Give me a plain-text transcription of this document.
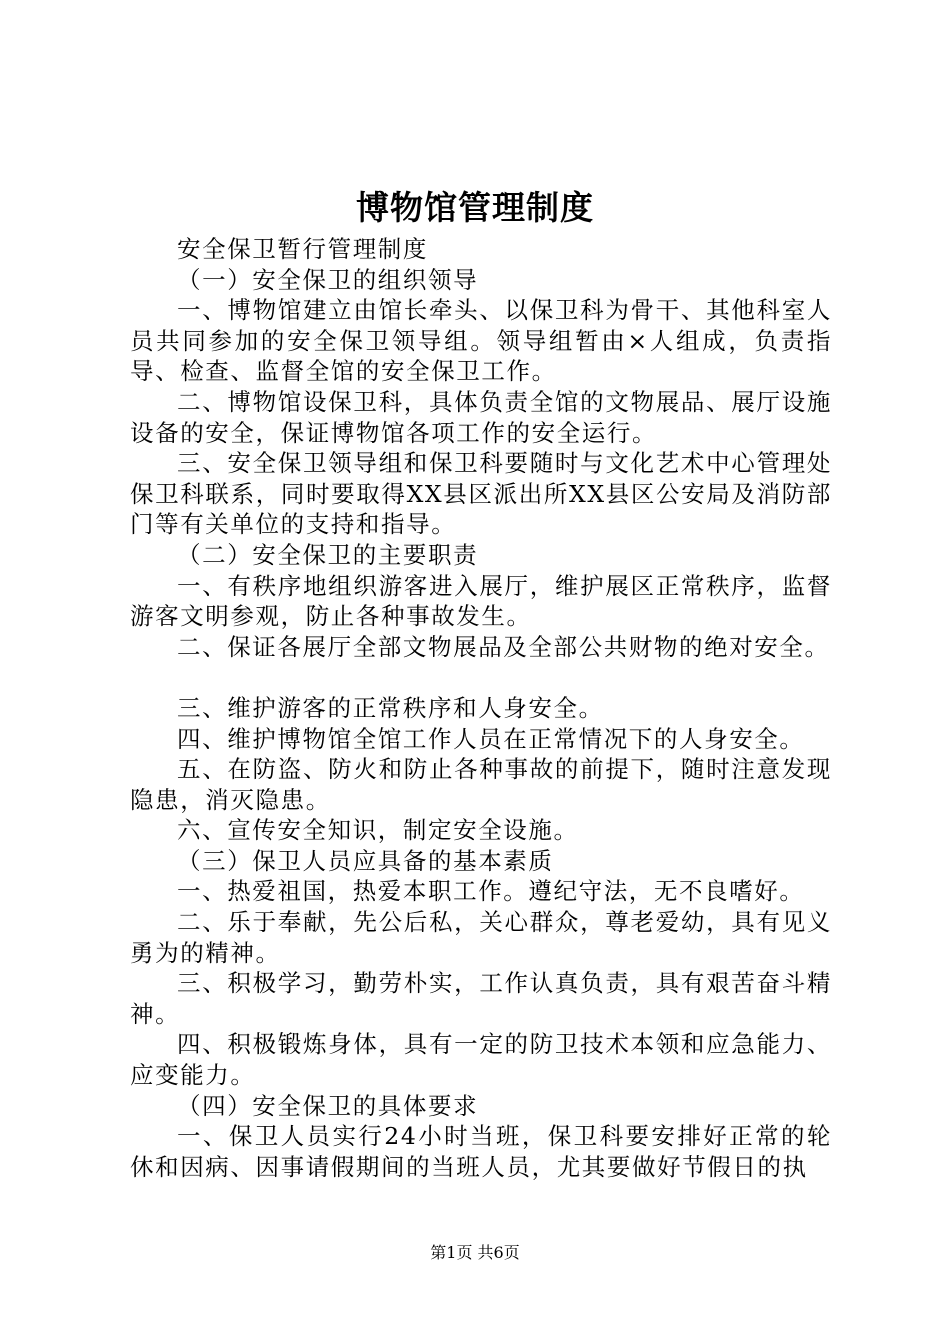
博物馆管理制度

安全保卫暂行管理制度

（一）安全保卫的组织领导

一、博物馆建立由馆长牵头、以保卫科为骨干、其他科室人员共同参加的安全保卫领导组。领导组暂由×人组成，负责指导、检查、监督全馆的安全保卫工作。

二、博物馆设保卫科，具体负责全馆的文物展品、展厅设施设备的安全，保证博物馆各项工作的安全运行。

三、安全保卫领导组和保卫科要随时与文化艺术中心管理处保卫科联系，同时要取得XX县区派出所XX县区公安局及消防部门等有关单位的支持和指导。

（二）安全保卫的主要职责

一、有秩序地组织游客进入展厅，维护展区正常秩序，监督游客文明参观，防止各种事故发生。

二、保证各展厅全部文物展品及全部公共财物的绝对安全。

三、维护游客的正常秩序和人身安全。

四、维护博物馆全馆工作人员在正常情况下的人身安全。

五、在防盗、防火和防止各种事故的前提下，随时注意发现隐患，消灭隐患。

六、宣传安全知识，制定安全设施。

（三）保卫人员应具备的基本素质

一、热爱祖国，热爱本职工作。遵纪守法，无不良嗜好。

二、乐于奉献，先公后私，关心群众，尊老爱幼，具有见义勇为的精神。

三、积极学习，勤劳朴实，工作认真负责，具有艰苦奋斗精神。

四、积极锻炼身体，具有一定的防卫技术本领和应急能力、应变能力。

（四）安全保卫的具体要求

一、保卫人员实行24小时当班，保卫科要安排好正常的轮休和因病、因事请假期间的当班人员，尤其要做好节假日的执

第1页 共6页
